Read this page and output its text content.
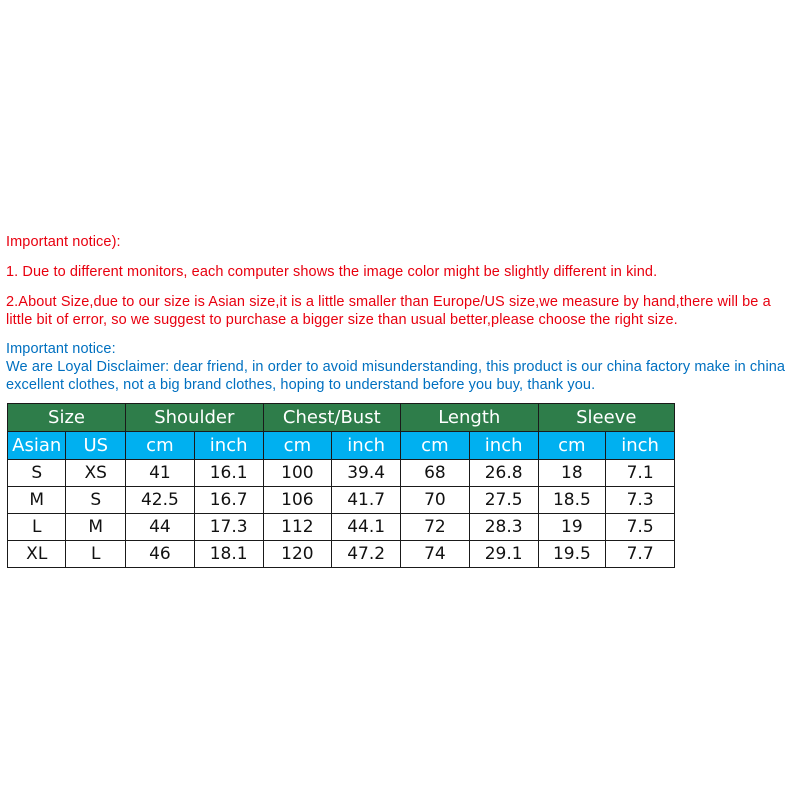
Important notice):

1. Due to different monitors, each computer shows the image color might be slightly different in kind.

2.About Size,due to our size is Asian size,it is a little smaller than Europe/US size,we measure by hand,there will be a little bit of error, so we suggest to purchase a bigger size than usual better,please choose the right size.

Important notice:
We are Loyal Disclaimer: dear friend, in order to avoid misunderstanding, this product is our china factory make in china excellent clothes, not a big brand clothes, hoping to understand before you buy, thank you.
Size		Shoulder		Chest/Bust		Length		Sleeve	
Asian	US	cm	inch	cm	inch	cm	inch	cm	inch
S	XS	41	16.1	100	39.4	68	26.8	18	7.1
M	S	42.5	16.7	106	41.7	70	27.5	18.5	7.3
L	M	44	17.3	112	44.1	72	28.3	19	7.5
XL	L	46	18.1	120	47.2	74	29.1	19.5	7.7
